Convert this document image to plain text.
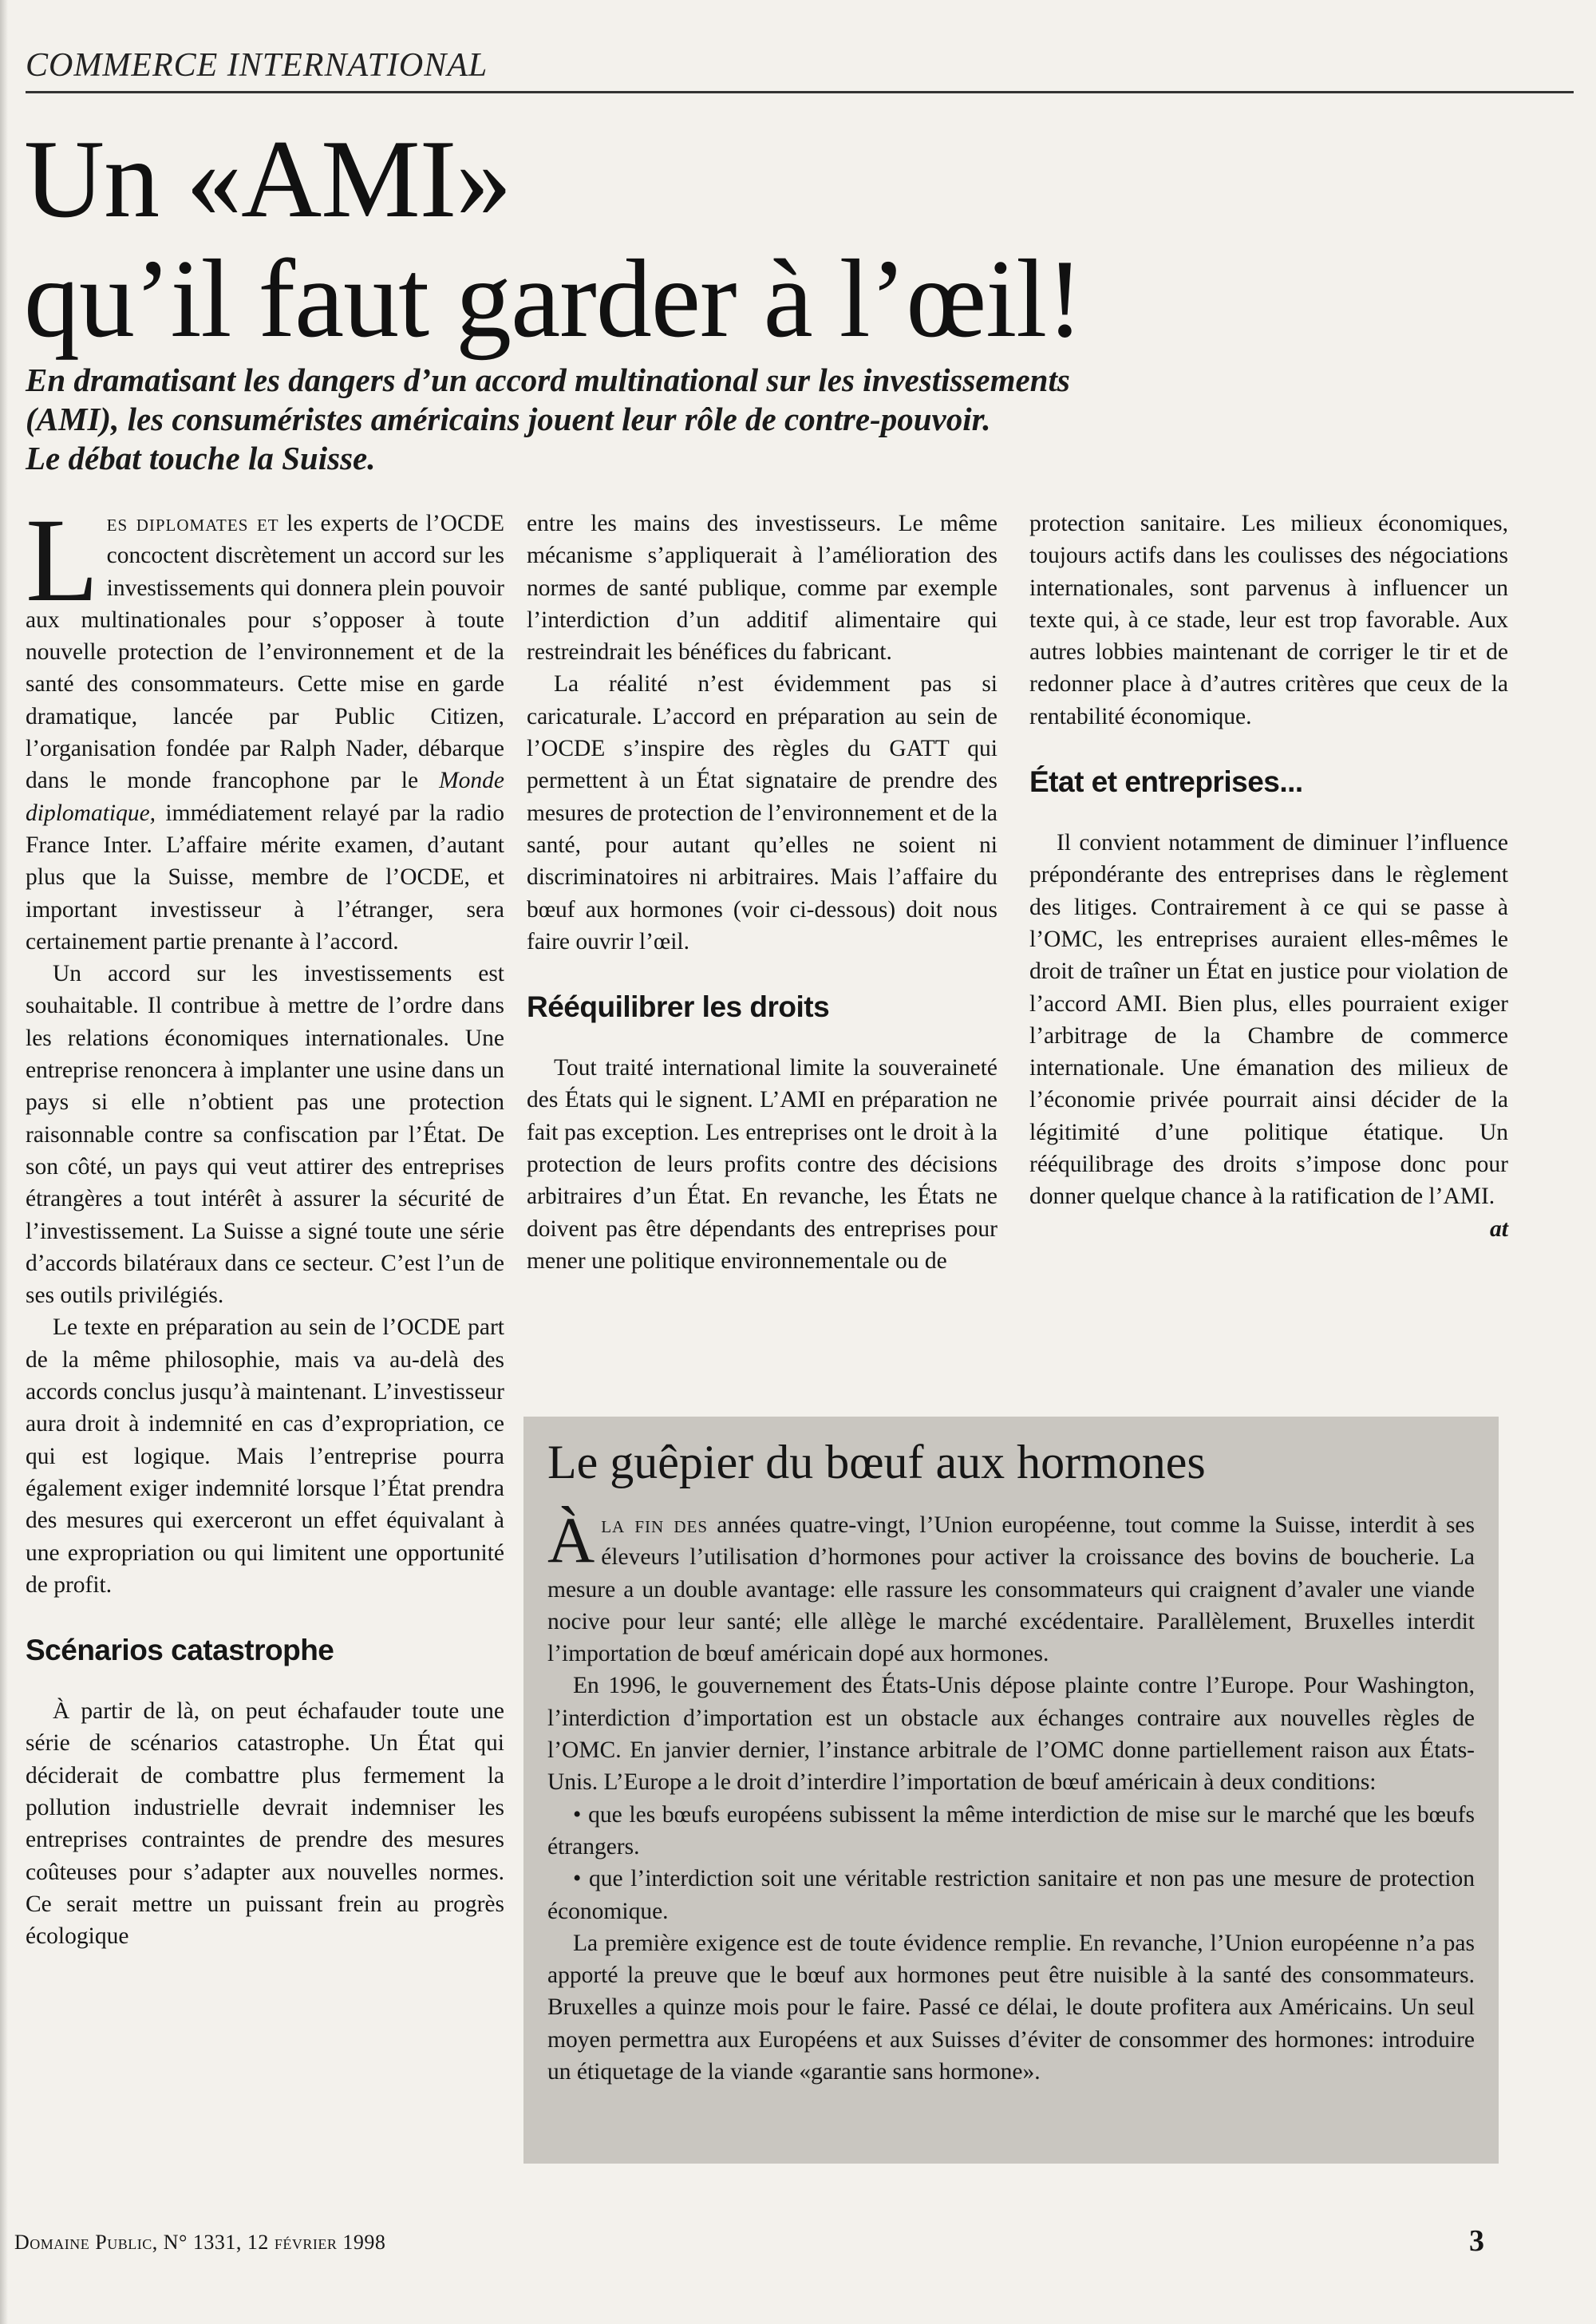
COMMERCE INTERNATIONAL
Un «AMI»
qu’il faut garder à l’œil!
En dramatisant les dangers d’un accord multinational sur les investissements
(AMI), les consuméristes américains jouent leur rôle de contre-pouvoir.
Le débat touche la Suisse.

Les diplomates et les experts de l’OCDE concoctent discrètement un accord sur les investissements qui donnera plein pouvoir aux multinationales pour s’opposer à toute nouvelle protection de l’environnement et de la santé des consommateurs. Cette mise en garde dramatique, lancée par Public Citizen, l’organisation fondée par Ralph Nader, débarque dans le monde francophone par le Monde diplomatique, immédiatement relayé par la radio France Inter. L’affaire mérite examen, d’autant plus que la Suisse, membre de l’OCDE, et important investisseur à l’étranger, sera certainement partie prenante à l’accord.

Un accord sur les investissements est souhaitable. Il contribue à mettre de l’ordre dans les relations économiques internationales. Une entreprise renoncera à implanter une usine dans un pays si elle n’obtient pas une protection raisonnable contre sa confiscation par l’État. De son côté, un pays qui veut attirer des entreprises étrangères a tout intérêt à assurer la sécurité de l’investissement. La Suisse a signé toute une série d’accords bilatéraux dans ce secteur. C’est l’un de ses outils privilégiés.

Le texte en préparation au sein de l’OCDE part de la même philosophie, mais va au-delà des accords conclus jusqu’à maintenant. L’investisseur aura droit à indemnité en cas d’expropriation, ce qui est logique. Mais l’entreprise pourra également exiger indemnité lorsque l’État prendra des mesures qui exerceront un effet équivalant à une expropriation ou qui limitent une opportunité de profit.

Scénarios catastrophe

À partir de là, on peut échafauder toute une série de scénarios catastrophe. Un État qui déciderait de combattre plus fermement la pollution industrielle devrait indemniser les entreprises contraintes de prendre des mesures coûteuses pour s’adapter aux nouvelles normes. Ce serait mettre un puissant frein au progrès écologique

entre les mains des investisseurs. Le même mécanisme s’appliquerait à l’amélioration des normes de santé publique, comme par exemple l’interdiction d’un additif alimentaire qui restreindrait les bénéfices du fabricant.

La réalité n’est évidemment pas si caricaturale. L’accord en préparation au sein de l’OCDE s’inspire des règles du GATT qui permettent à un État signataire de prendre des mesures de protection de l’environnement et de la santé, pour autant qu’elles ne soient ni discriminatoires ni arbitraires. Mais l’affaire du bœuf aux hormones (voir ci-dessous) doit nous faire ouvrir l’œil.

Rééquilibrer les droits

Tout traité international limite la souveraineté des États qui le signent. L’AMI en préparation ne fait pas exception. Les entreprises ont le droit à la protection de leurs profits contre des décisions arbitraires d’un État. En revanche, les États ne doivent pas être dépendants des entreprises pour mener une politique environnementale ou de

protection sanitaire. Les milieux économiques, toujours actifs dans les coulisses des négociations internationales, sont parvenus à influencer un texte qui, à ce stade, leur est trop favorable. Aux autres lobbies maintenant de corriger le tir et de redonner place à d’autres critères que ceux de la rentabilité économique.

État et entreprises...

Il convient notamment de diminuer l’influence prépondérante des entreprises dans le règlement des litiges. Contrairement à ce qui se passe à l’OMC, les entreprises auraient elles-mêmes le droit de traîner un État en justice pour violation de l’accord AMI. Bien plus, elles pourraient exiger l’arbitrage de la Chambre de commerce internationale. Une émanation des milieux de l’économie privée pourrait ainsi décider de la légitimité d’une politique étatique. Un rééquilibrage des droits s’impose donc pour donner quelque chance à la ratification de l’AMI.
at

Le guêpier du bœuf aux hormones

Àla fin des années quatre-vingt, l’Union européenne, tout comme la Suisse, interdit à ses éleveurs l’utilisation d’hormones pour activer la croissance des bovins de boucherie. La mesure a un double avantage: elle rassure les consommateurs qui craignent d’avaler une viande nocive pour leur santé; elle allège le marché excédentaire. Parallèlement, Bruxelles interdit l’importation de bœuf américain dopé aux hormones.

En 1996, le gouvernement des États-Unis dépose plainte contre l’Europe. Pour Washington, l’interdiction d’importation est un obstacle aux échanges contraire aux nouvelles règles de l’OMC. En janvier dernier, l’instance arbitrale de l’OMC donne partiellement raison aux États-Unis. L’Europe a le droit d’interdire l’importation de bœuf américain à deux conditions:

• que les bœufs européens subissent la même interdiction de mise sur le marché que les bœufs étrangers.

• que l’interdiction soit une véritable restriction sanitaire et non pas une mesure de protection économique.

La première exigence est de toute évidence remplie. En revanche, l’Union européenne n’a pas apporté la preuve que le bœuf aux hormones peut être nuisible à la santé des consommateurs. Bruxelles a quinze mois pour le faire. Passé ce délai, le doute profitera aux Américains. Un seul moyen permettra aux Européens et aux Suisses d’éviter de consommer des hormones: introduire un étiquetage de la viande «garantie sans hormone».

Domaine Public, N° 1331, 12 février 1998	3
